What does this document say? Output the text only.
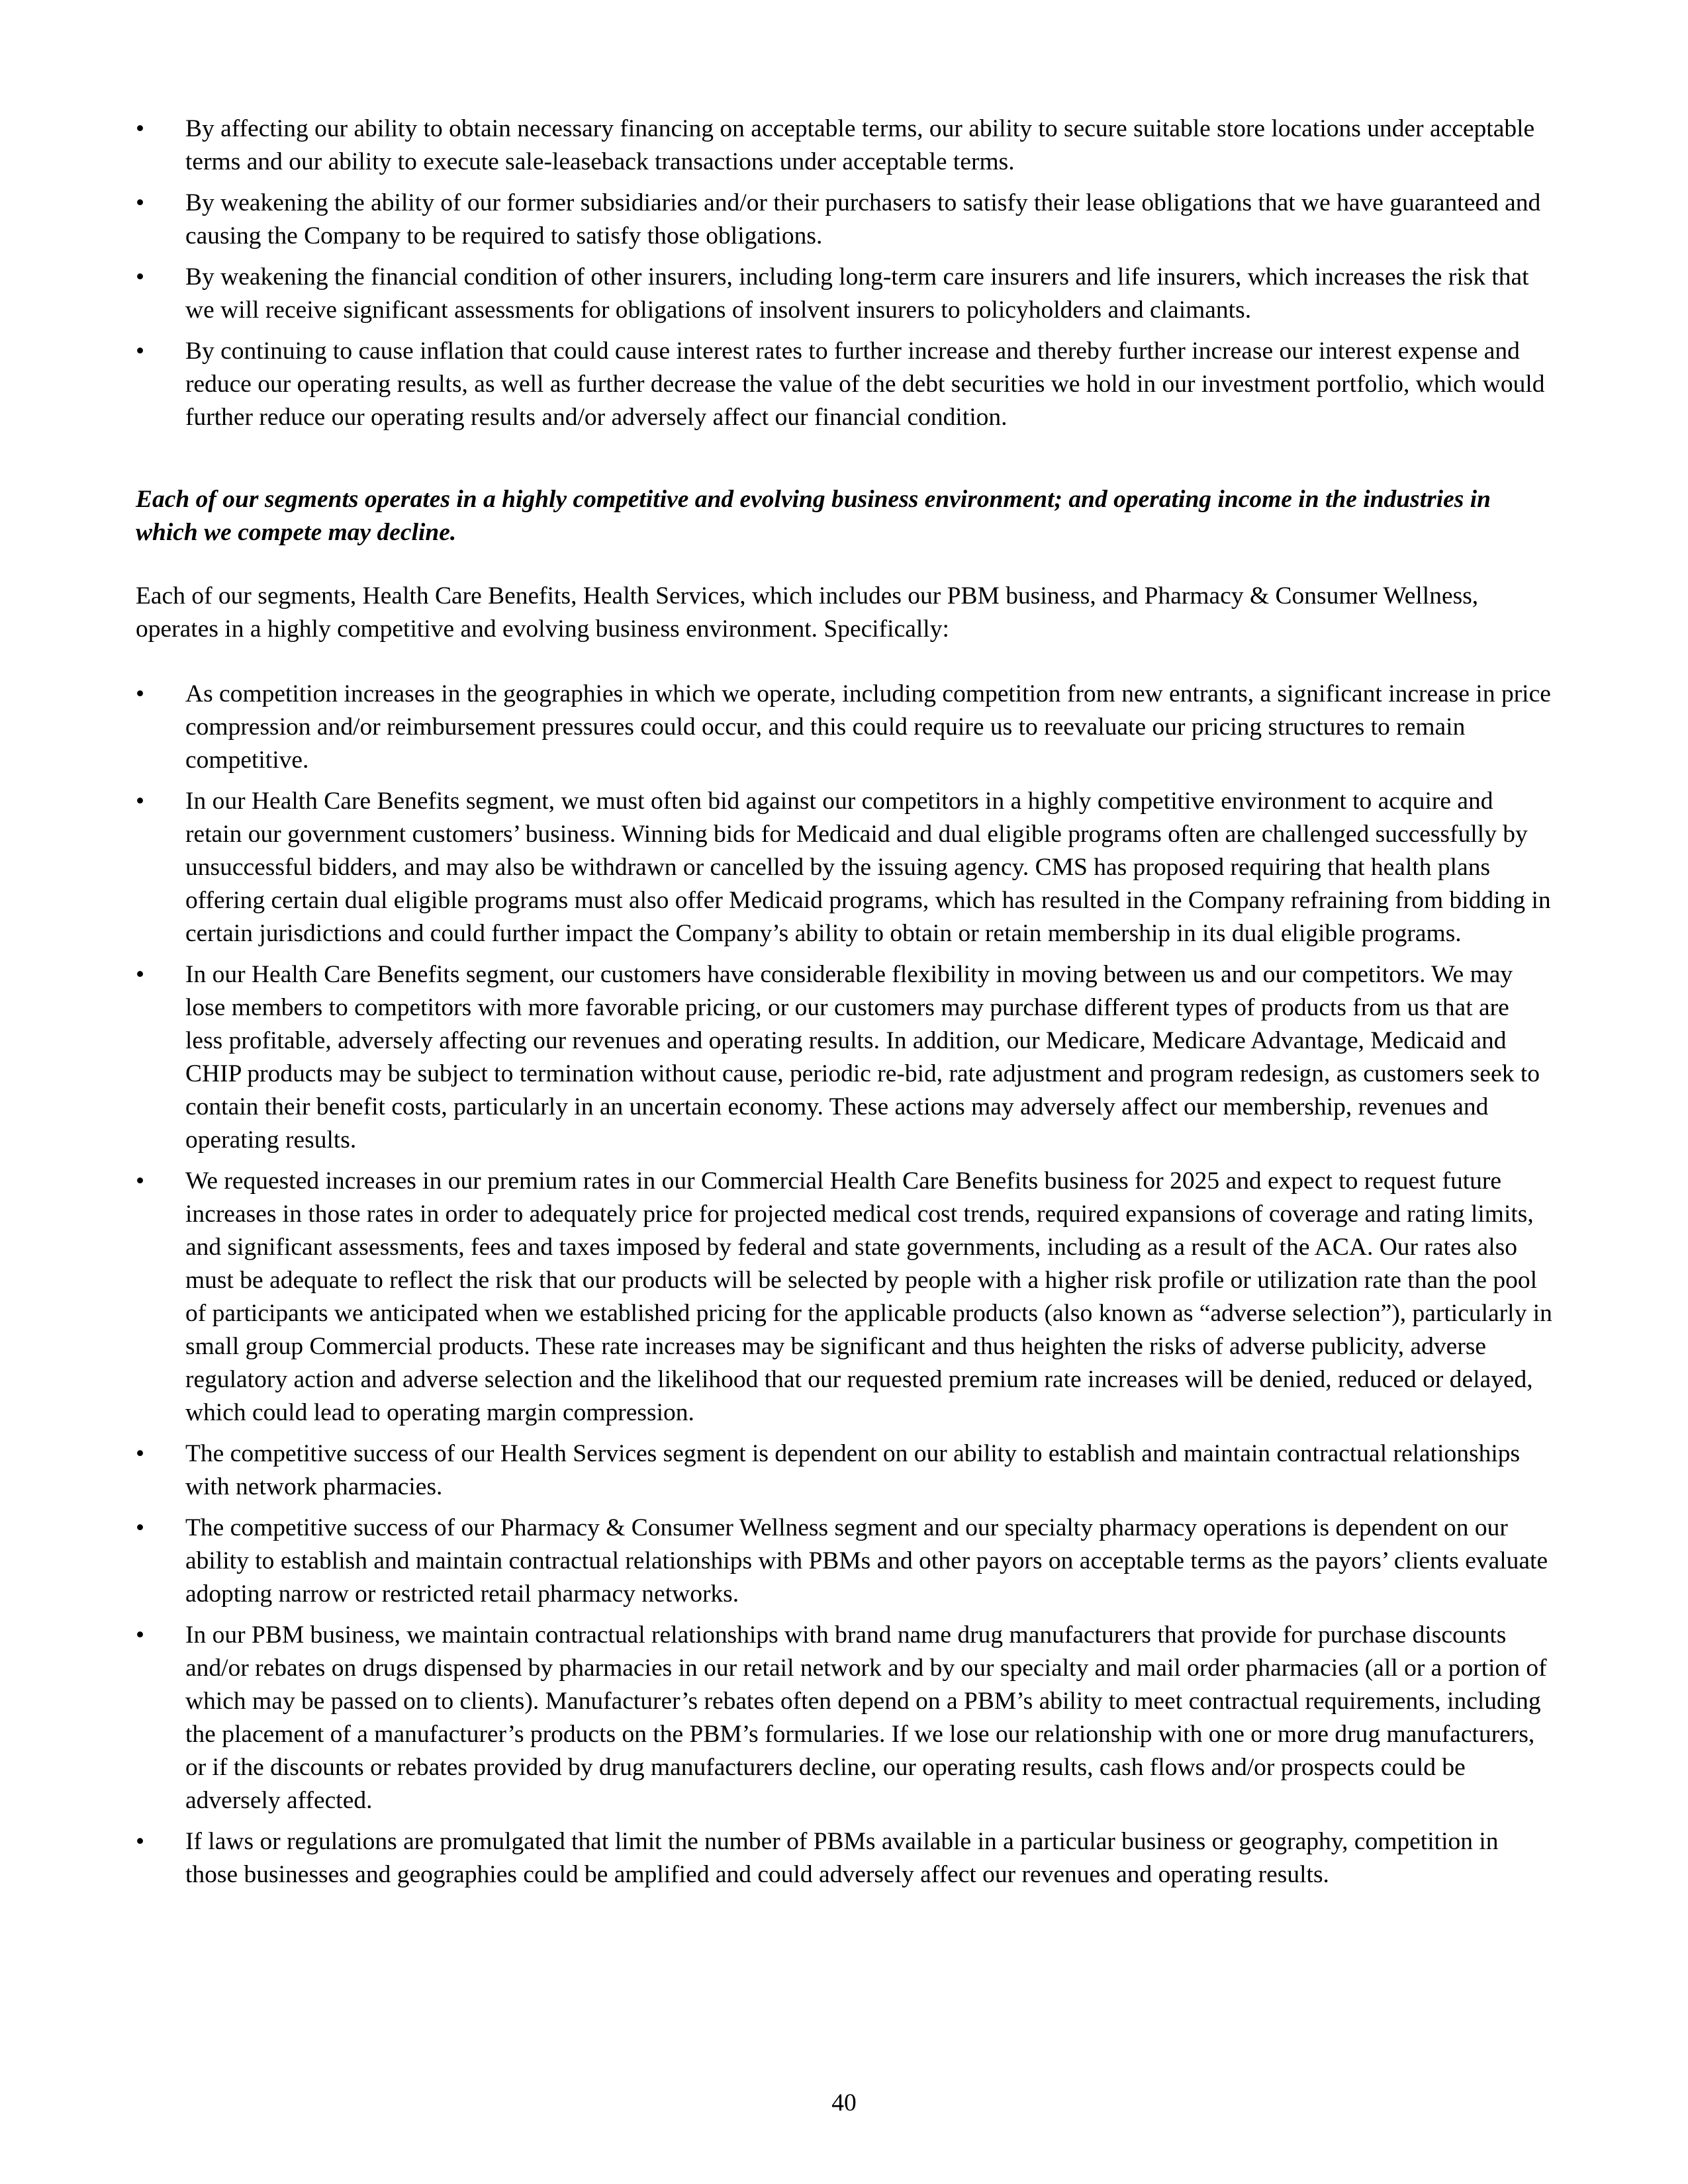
• By affecting our ability to obtain necessary financing on acceptable terms, our ability to secure suitable store locations under acceptable terms and our ability to execute sale-leaseback transactions under acceptable terms.
• By weakening the ability of our former subsidiaries and/or their purchasers to satisfy their lease obligations that we have guaranteed and causing the Company to be required to satisfy those obligations.
• By weakening the financial condition of other insurers, including long-term care insurers and life insurers, which increases the risk that we will receive significant assessments for obligations of insolvent insurers to policyholders and claimants.
• By continuing to cause inflation that could cause interest rates to further increase and thereby further increase our interest expense and reduce our operating results, as well as further decrease the value of the debt securities we hold in our investment portfolio, which would further reduce our operating results and/or adversely affect our financial condition.
Each of our segments operates in a highly competitive and evolving business environment; and operating income in the industries in which we compete may decline.
Each of our segments, Health Care Benefits, Health Services, which includes our PBM business, and Pharmacy & Consumer Wellness, operates in a highly competitive and evolving business environment. Specifically:
• As competition increases in the geographies in which we operate, including competition from new entrants, a significant increase in price compression and/or reimbursement pressures could occur, and this could require us to reevaluate our pricing structures to remain competitive.
• In our Health Care Benefits segment, we must often bid against our competitors in a highly competitive environment to acquire and retain our government customers’ business. Winning bids for Medicaid and dual eligible programs often are challenged successfully by unsuccessful bidders, and may also be withdrawn or cancelled by the issuing agency. CMS has proposed requiring that health plans offering certain dual eligible programs must also offer Medicaid programs, which has resulted in the Company refraining from bidding in certain jurisdictions and could further impact the Company’s ability to obtain or retain membership in its dual eligible programs.
• In our Health Care Benefits segment, our customers have considerable flexibility in moving between us and our competitors. We may lose members to competitors with more favorable pricing, or our customers may purchase different types of products from us that are less profitable, adversely affecting our revenues and operating results. In addition, our Medicare, Medicare Advantage, Medicaid and CHIP products may be subject to termination without cause, periodic re-bid, rate adjustment and program redesign, as customers seek to contain their benefit costs, particularly in an uncertain economy. These actions may adversely affect our membership, revenues and operating results.
• We requested increases in our premium rates in our Commercial Health Care Benefits business for 2025 and expect to request future increases in those rates in order to adequately price for projected medical cost trends, required expansions of coverage and rating limits, and significant assessments, fees and taxes imposed by federal and state governments, including as a result of the ACA. Our rates also must be adequate to reflect the risk that our products will be selected by people with a higher risk profile or utilization rate than the pool of participants we anticipated when we established pricing for the applicable products (also known as “adverse selection”), particularly in small group Commercial products. These rate increases may be significant and thus heighten the risks of adverse publicity, adverse regulatory action and adverse selection and the likelihood that our requested premium rate increases will be denied, reduced or delayed, which could lead to operating margin compression.
• The competitive success of our Health Services segment is dependent on our ability to establish and maintain contractual relationships with network pharmacies.
• The competitive success of our Pharmacy & Consumer Wellness segment and our specialty pharmacy operations is dependent on our ability to establish and maintain contractual relationships with PBMs and other payors on acceptable terms as the payors’ clients evaluate adopting narrow or restricted retail pharmacy networks.
• In our PBM business, we maintain contractual relationships with brand name drug manufacturers that provide for purchase discounts and/or rebates on drugs dispensed by pharmacies in our retail network and by our specialty and mail order pharmacies (all or a portion of which may be passed on to clients). Manufacturer’s rebates often depend on a PBM’s ability to meet contractual requirements, including the placement of a manufacturer’s products on the PBM’s formularies. If we lose our relationship with one or more drug manufacturers, or if the discounts or rebates provided by drug manufacturers decline, our operating results, cash flows and/or prospects could be adversely affected.
• If laws or regulations are promulgated that limit the number of PBMs available in a particular business or geography, competition in those businesses and geographies could be amplified and could adversely affect our revenues and operating results.
40
